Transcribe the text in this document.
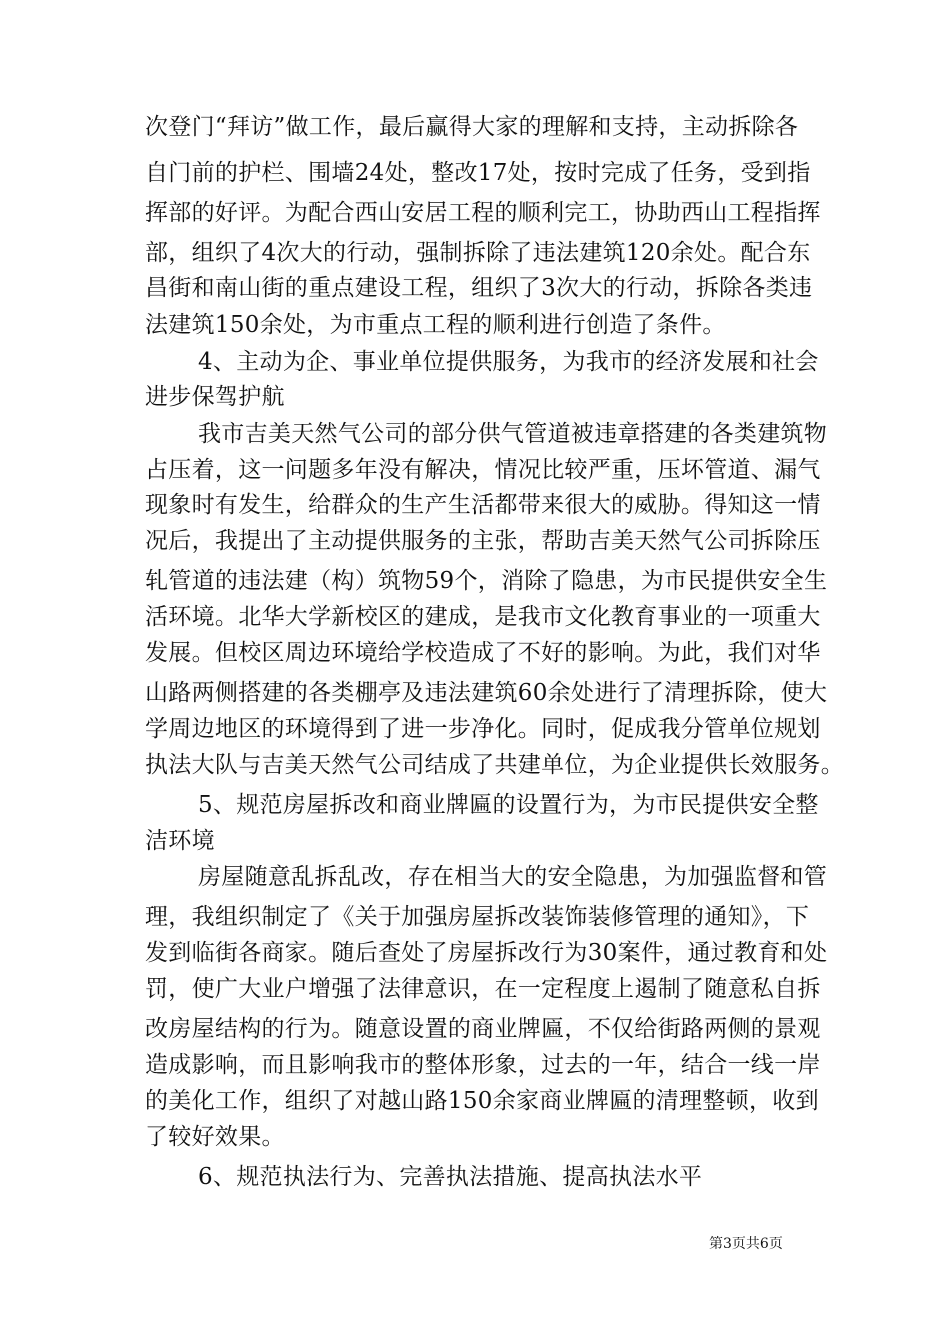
次登门“拜访”做工作，最后赢得大家的理解和支持，主动拆除各
自门前的护栏、围墙24处，整改17处，按时完成了任务，受到指
挥部的好评。为配合西山安居工程的顺利完工，协助西山工程指挥
部，组织了4次大的行动，强制拆除了违法建筑120余处。配合东
昌街和南山街的重点建设工程，组织了3次大的行动，拆除各类违
法建筑150余处，为市重点工程的顺利进行创造了条件。
4、主动为企、事业单位提供服务，为我市的经济发展和社会
进步保驾护航
我市吉美天然气公司的部分供气管道被违章搭建的各类建筑物
占压着，这一问题多年没有解决，情况比较严重，压坏管道、漏气
现象时有发生，给群众的生产生活都带来很大的威胁。得知这一情
况后，我提出了主动提供服务的主张，帮助吉美天然气公司拆除压
轧管道的违法建（构）筑物59个，消除了隐患，为市民提供安全生
活环境。北华大学新校区的建成，是我市文化教育事业的一项重大
发展。但校区周边环境给学校造成了不好的影响。为此，我们对华
山路两侧搭建的各类棚亭及违法建筑60余处进行了清理拆除，使大
学周边地区的环境得到了进一步净化。同时，促成我分管单位规划
执法大队与吉美天然气公司结成了共建单位，为企业提供长效服务。
5、规范房屋拆改和商业牌匾的设置行为，为市民提供安全整
洁环境
房屋随意乱拆乱改，存在相当大的安全隐患，为加强监督和管
理，我组织制定了《关于加强房屋拆改装饰装修管理的通知》，下
发到临街各商家。随后查处了房屋拆改行为30案件，通过教育和处
罚，使广大业户增强了法律意识，在一定程度上遏制了随意私自拆
改房屋结构的行为。随意设置的商业牌匾，不仅给街路两侧的景观
造成影响，而且影响我市的整体形象，过去的一年，结合一线一岸
的美化工作，组织了对越山路150余家商业牌匾的清理整顿，收到
了较好效果。
6、规范执法行为、完善执法措施、提高执法水平
第3页共6页
